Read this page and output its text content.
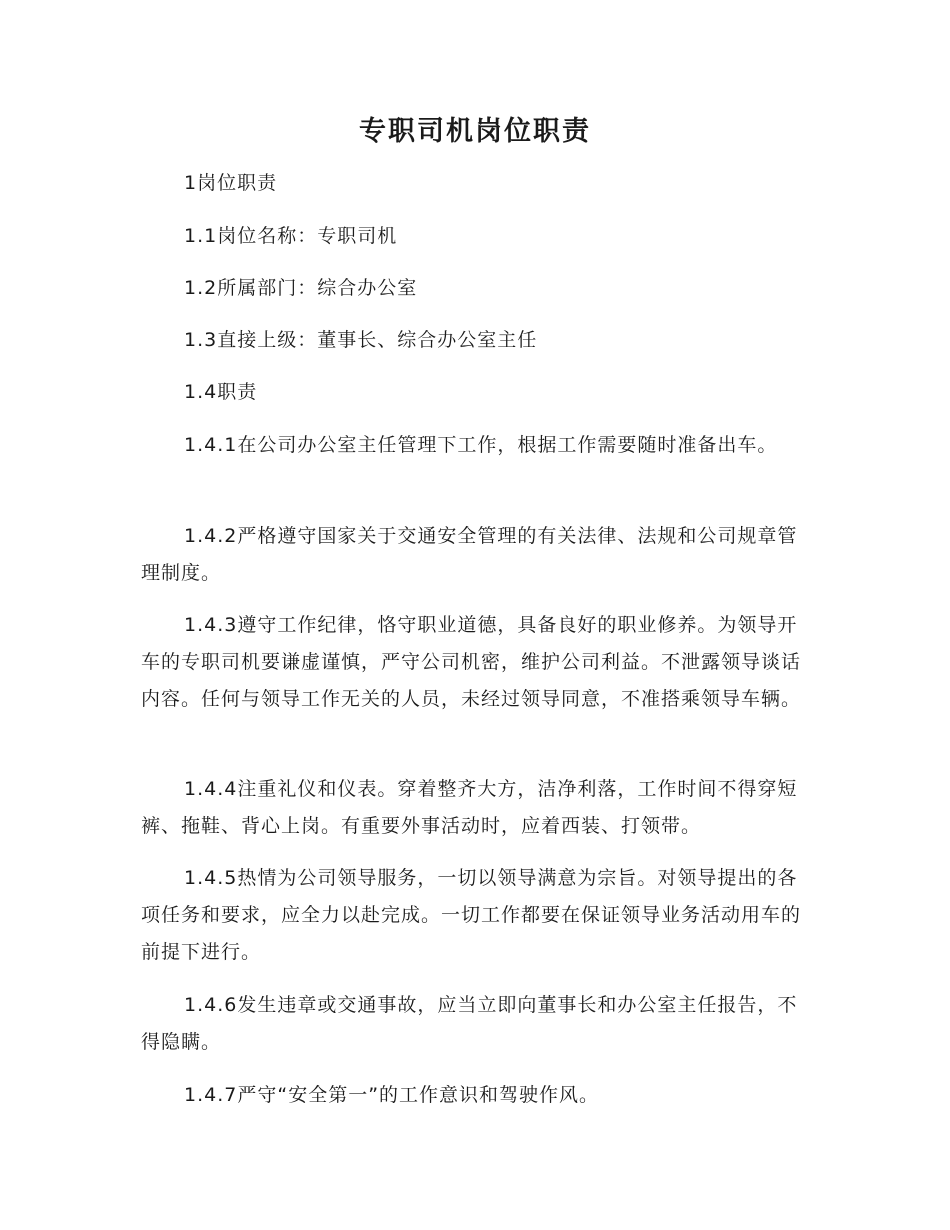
专职司机岗位职责

1岗位职责

1.1岗位名称：专职司机

1.2所属部门：综合办公室

1.3直接上级：董事长、综合办公室主任

1.4职责

1.4.1在公司办公室主任管理下工作，根据工作需要随时准备出车。

1.4.2严格遵守国家关于交通安全管理的有关法律、法规和公司规章管理制度。

1.4.3遵守工作纪律，恪守职业道德，具备良好的职业修养。为领导开车的专职司机要谦虚谨慎，严守公司机密，维护公司利益。不泄露领导谈话内容。任何与领导工作无关的人员，未经过领导同意，不准搭乘领导车辆。

1.4.4注重礼仪和仪表。穿着整齐大方，洁净利落，工作时间不得穿短裤、拖鞋、背心上岗。有重要外事活动时，应着西装、打领带。

1.4.5热情为公司领导服务，一切以领导满意为宗旨。对领导提出的各项任务和要求，应全力以赴完成。一切工作都要在保证领导业务活动用车的前提下进行。

1.4.6发生违章或交通事故，应当立即向董事长和办公室主任报告，不得隐瞒。

1.4.7严守“安全第一”的工作意识和驾驶作风。
